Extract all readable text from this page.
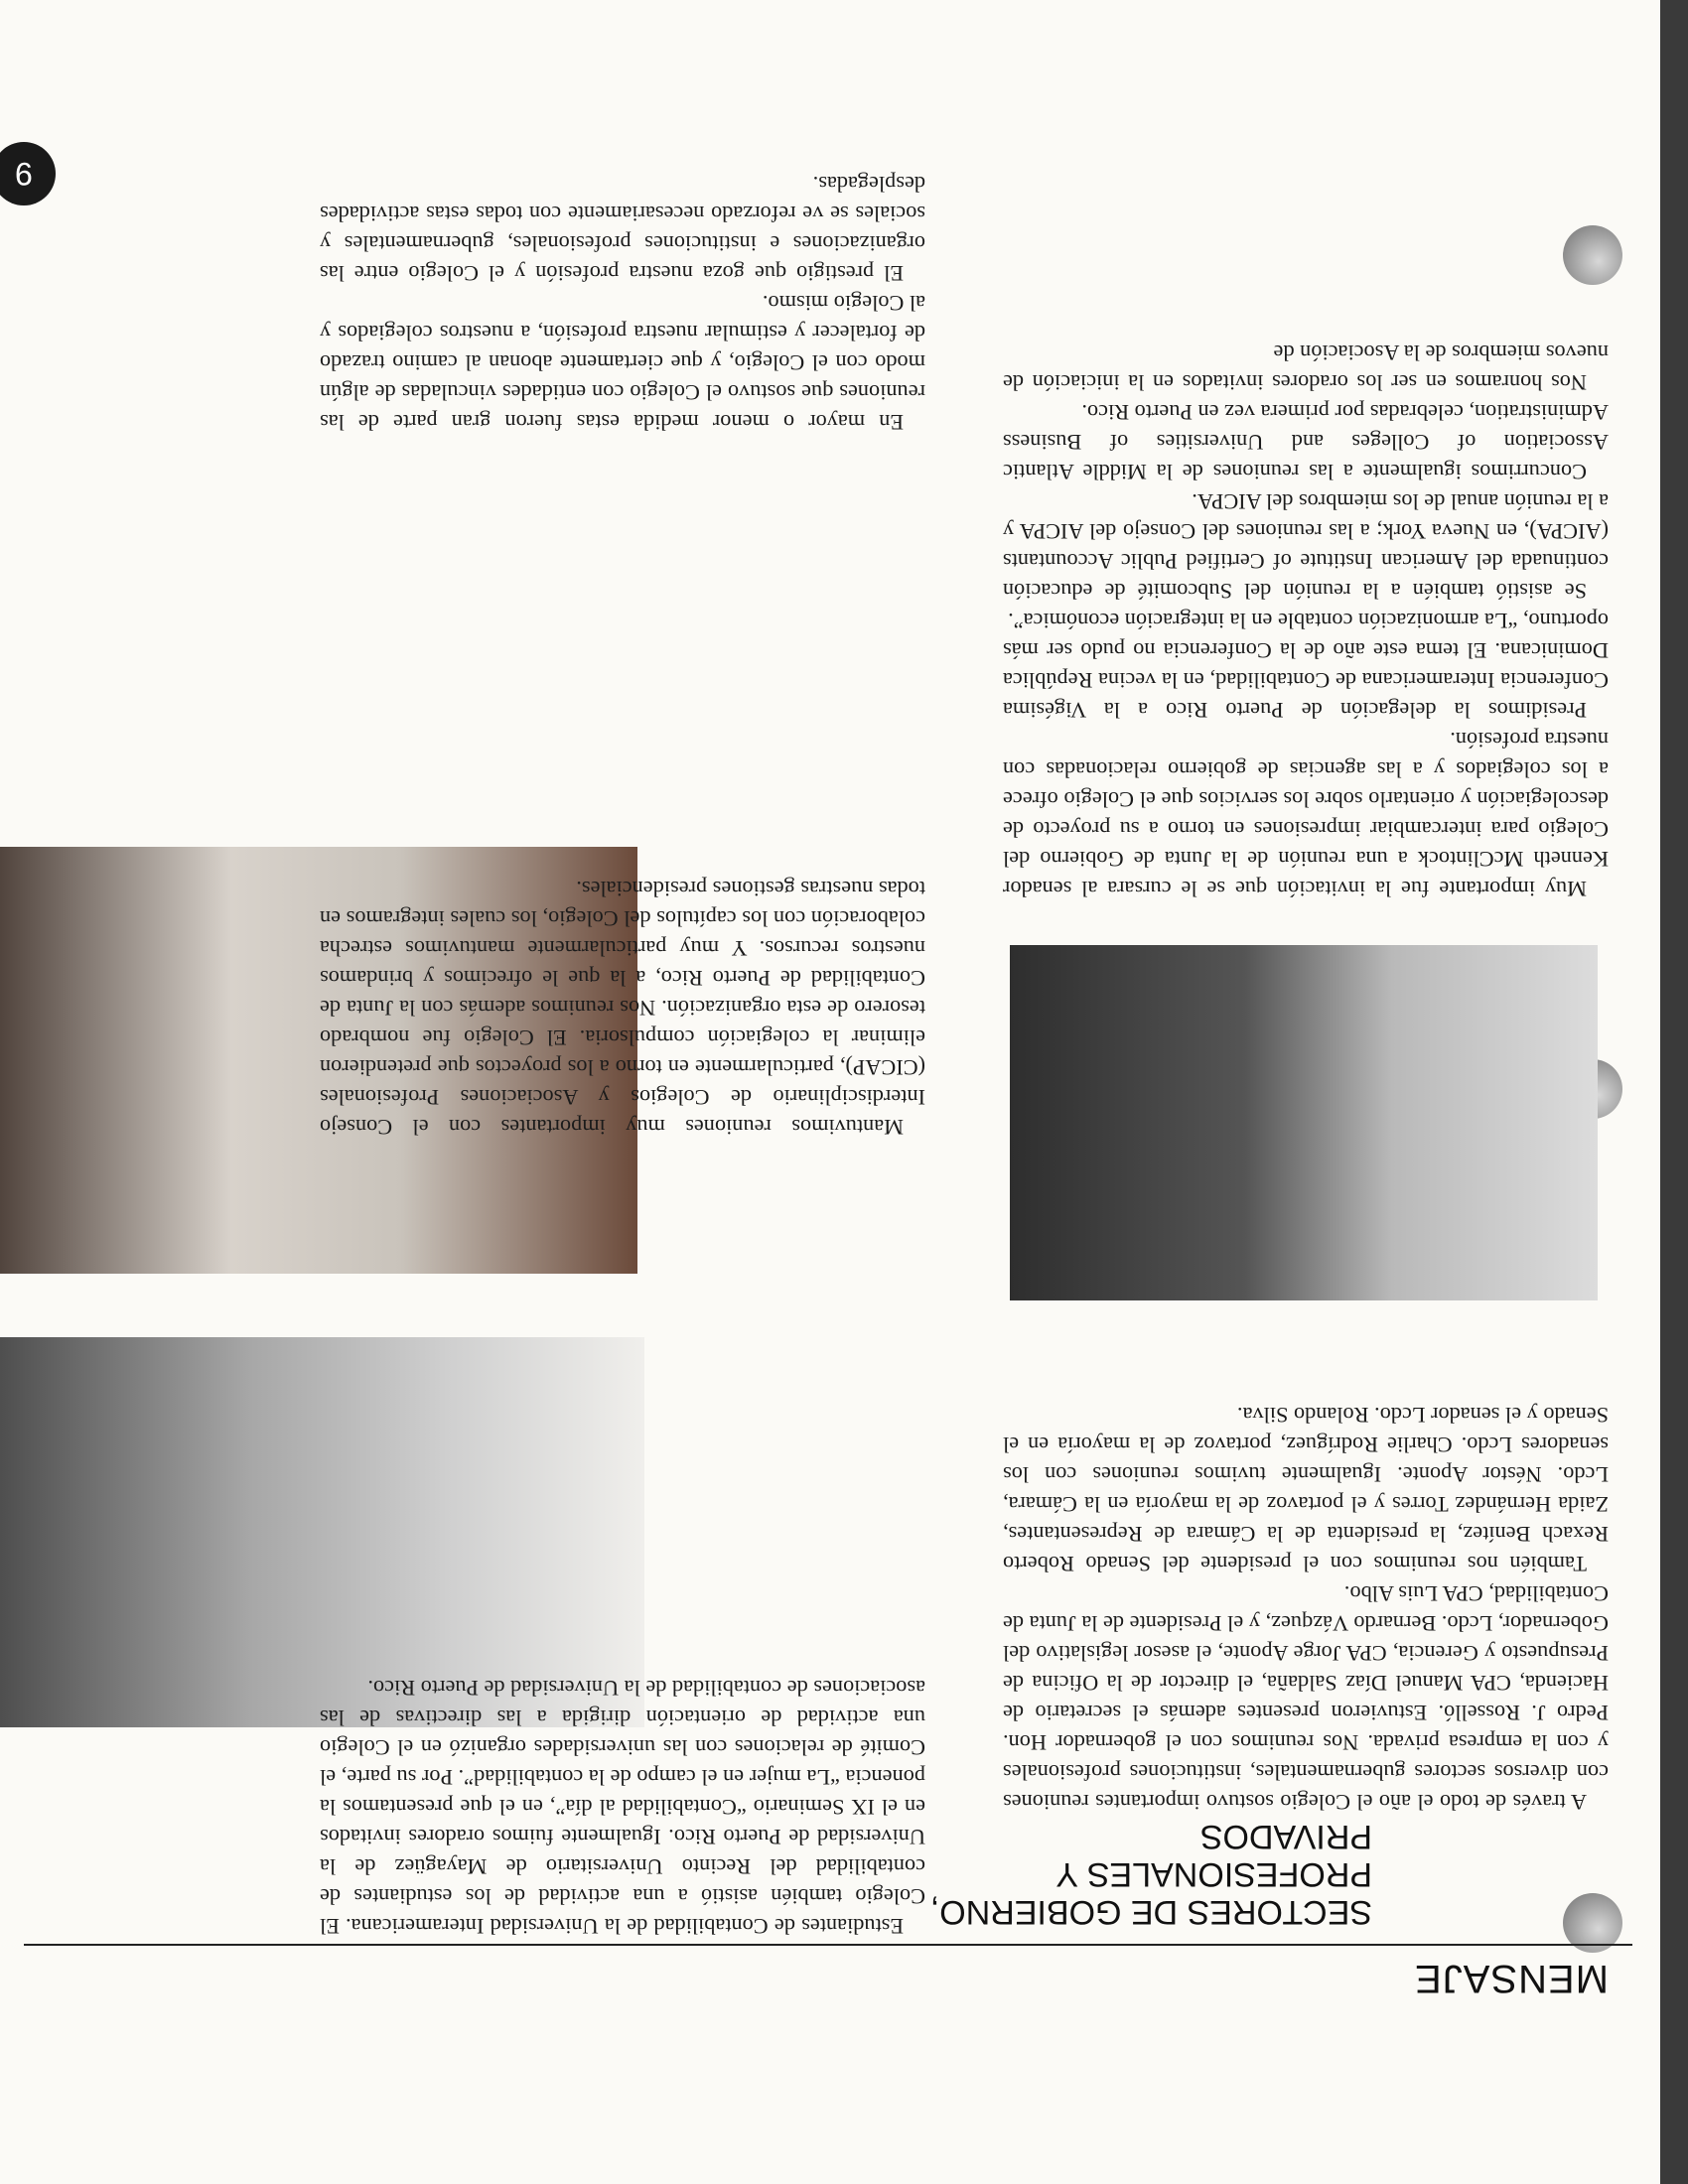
9
MENSAJE
SECTORES DE GOBIERNO, PROFESIONALES Y PRIVADOS

A través de todo el año el Colegio sostuvo importantes reuniones con diversos sectores gubernamentales, instituciones profesionales y con la empresa privada. Nos reunimos con el gobernador Hon. Pedro J. Rosselló. Estuvieron presentes además el secretario de Hacienda, CPA Manuel Díaz Saldaña, el director de la Oficina de Presupuesto y Gerencia, CPA Jorge Aponte, el asesor legislativo del Gobernador, Lcdo. Bernardo Vázquez, y el Presidente de la Junta de Contabilidad, CPA Luis Albo.

También nos reunimos con el presidente del Senado Roberto Rexach Benítez, la presidenta de la Cámara de Representantes, Zaida Hernández Torres y el portavoz de la mayoría en la Cámara, Lcdo. Néstor Aponte. Igualmente tuvimos reuniones con los senadores Lcdo. Charlie Rodríguez, portavoz de la mayoría en el Senado y el senador Lcdo. Rolando Silva.

Muy importante fue la invitación que se le cursara al senador Kenneth McClintock a una reunión de la Junta de Gobierno del Colegio para intercambiar impresiones en torno a su proyecto de descolegiación y orientarlo sobre los servicios que el Colegio ofrece a los colegiados y a las agencias de gobierno relacionadas con nuestra profesión.

Presidimos la delegación de Puerto Rico a la Vigésima Conferencia Interamericana de Contabilidad, en la vecina República Dominicana. El tema este año de la Conferencia no pudo ser más oportuno, “La armonización contable en la integración económica”.

Se asistió también a la reunión del Subcomité de educación continuada del American Institute of Certified Public Accountants (AICPA), en Nueva York; a las reuniones del Consejo del AICPA y a la reunión anual de los miembros del AICPA.

Concurrimos igualmente a las reuniones de la Middle Atlantic Association of Colleges and Universities of Business Administration, celebradas por primera vez en Puerto Rico.

Nos honramos en ser los oradores invitados en la iniciación de nuevos miembros de la Asociación de

Estudiantes de Contabilidad de la Universidad Interamericana. El Colegio también asistió a una actividad de los estudiantes de contabilidad del Recinto Universitario de Mayagüez de la Universidad de Puerto Rico. Igualmente fuimos oradores invitados en el IX Seminario “Contabilidad al día”, en el que presentamos la ponencia “La mujer en el campo de la contabilidad”. Por su parte, el Comité de relaciones con las universidades organizó en el Colegio una actividad de orientación dirigida a las directivas de las asociaciones de contabilidad de la Universidad de Puerto Rico.

Mantuvimos reuniones muy importantes con el Consejo Interdisciplinario de Colegios y Asociaciones Profesionales (CICAP), particularmente en torno a los proyectos que pretendieron eliminar la colegiación compulsoria. El Colegio fue nombrado tesorero de esta organización. Nos reunimos además con la Junta de Contabilidad de Puerto Rico, a la que le ofrecimos y brindamos nuestros recursos. Y muy particularmente mantuvimos estrecha colaboración con los capítulos del Colegio, los cuales integramos en todas nuestras gestiones presidenciales.

En mayor o menor medida estas fueron gran parte de las reuniones que sostuvo el Colegio con entidades vinculadas de algún modo con el Colegio, y que ciertamente abonan al camino trazado de fortalecer y estimular nuestra profesión, a nuestros colegiados y al Colegio mismo.

El prestigio que goza nuestra profesión y el Colegio entre las organizaciones e instituciones profesionales, gubernamentales y sociales se ve reforzado necesariamente con todas estas actividades desplegadas.
